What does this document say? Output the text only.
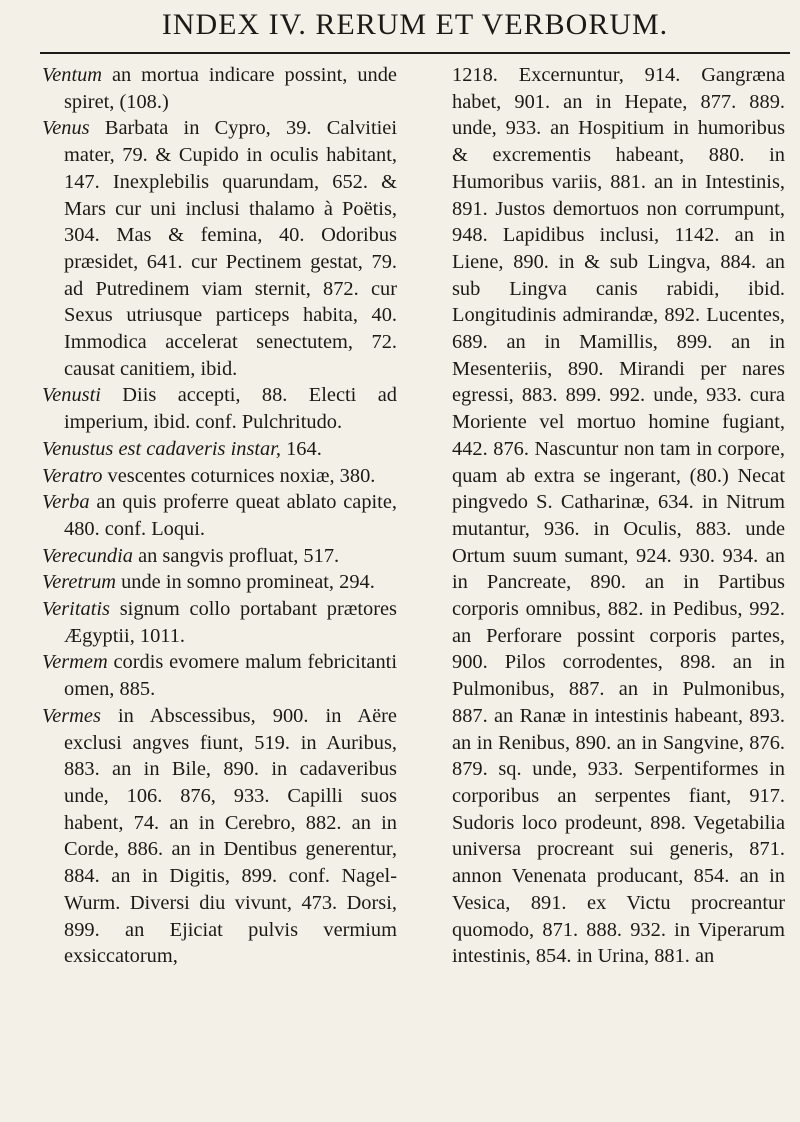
INDEX IV. RERUM ET VERBORUM.

Ventum an mortua indicare possint, unde spiret, (108.)

Venus Barbata in Cypro, 39. Calvitiei mater, 79. & Cupido in oculis habitant, 147. Inexplebilis quarundam, 652. & Mars cur uni inclusi thalamo à Poëtis, 304. Mas & femina, 40. Odoribus præsidet, 641. cur Pectinem gestat, 79. ad Putredinem viam sternit, 872. cur Sexus utriusque particeps habita, 40. Immodica accelerat senectutem, 72. causat canitiem, ibid.

Venusti Diis accepti, 88. Electi ad imperium, ibid. conf. Pulchritudo.

Venustus est cadaveris instar, 164.

Veratro vescentes coturnices noxiæ, 380.

Verba an quis proferre queat ablato capite, 480. conf. Loqui.

Verecundia an sangvis profluat, 517.

Veretrum unde in somno promineat, 294.

Veritatis signum collo portabant prætores Ægyptii, 1011.

Vermem cordis evomere malum febricitanti omen, 885.

Vermes in Abscessibus, 900. in Aëre exclusi angves fiunt, 519. in Auribus, 883. an in Bile, 890. in cadaveribus unde, 106. 876, 933. Capilli suos habent, 74. an in Cerebro, 882. an in Corde, 886. an in Dentibus generentur, 884. an in Digitis, 899. conf. Nagel-Wurm. Diversi diu vivunt, 473. Dorsi, 899. an Ejiciat pulvis vermium exsiccatorum,

1218. Excernuntur, 914. Gangræna habet, 901. an in Hepate, 877. 889. unde, 933. an Hospitium in humoribus & excrementis habeant, 880. in Humoribus variis, 881. an in Intestinis, 891. Justos demortuos non corrumpunt, 948. Lapidibus inclusi, 1142. an in Liene, 890. in & sub Lingva, 884. an sub Lingva canis rabidi, ibid. Longitudinis admirandæ, 892. Lucentes, 689. an in Mamillis, 899. an in Mesenteriis, 890. Mirandi per nares egressi, 883. 899. 992. unde, 933. cura Moriente vel mortuo homine fugiant, 442. 876. Nascuntur non tam in corpore, quam ab extra se ingerant, (80.) Necat pingvedo S. Catharinæ, 634. in Nitrum mutantur, 936. in Oculis, 883. unde Ortum suum sumant, 924. 930. 934. an in Pancreate, 890. an in Partibus corporis omnibus, 882. in Pedibus, 992. an Perforare possint corporis partes, 900. Pilos corrodentes, 898. an in Pulmonibus, 887. an in Pulmonibus, 887. an Ranæ in intestinis habeant, 893. an in Renibus, 890. an in Sangvine, 876. 879. sq. unde, 933. Serpentiformes in corporibus an serpentes fiant, 917. Sudoris loco prodeunt, 898. Vegetabilia universa procreant sui generis, 871. annon Venenata producant, 854. an in Vesica, 891. ex Victu procreantur quomodo, 871. 888. 932. in Viperarum intestinis, 854. in Urina, 881. an
